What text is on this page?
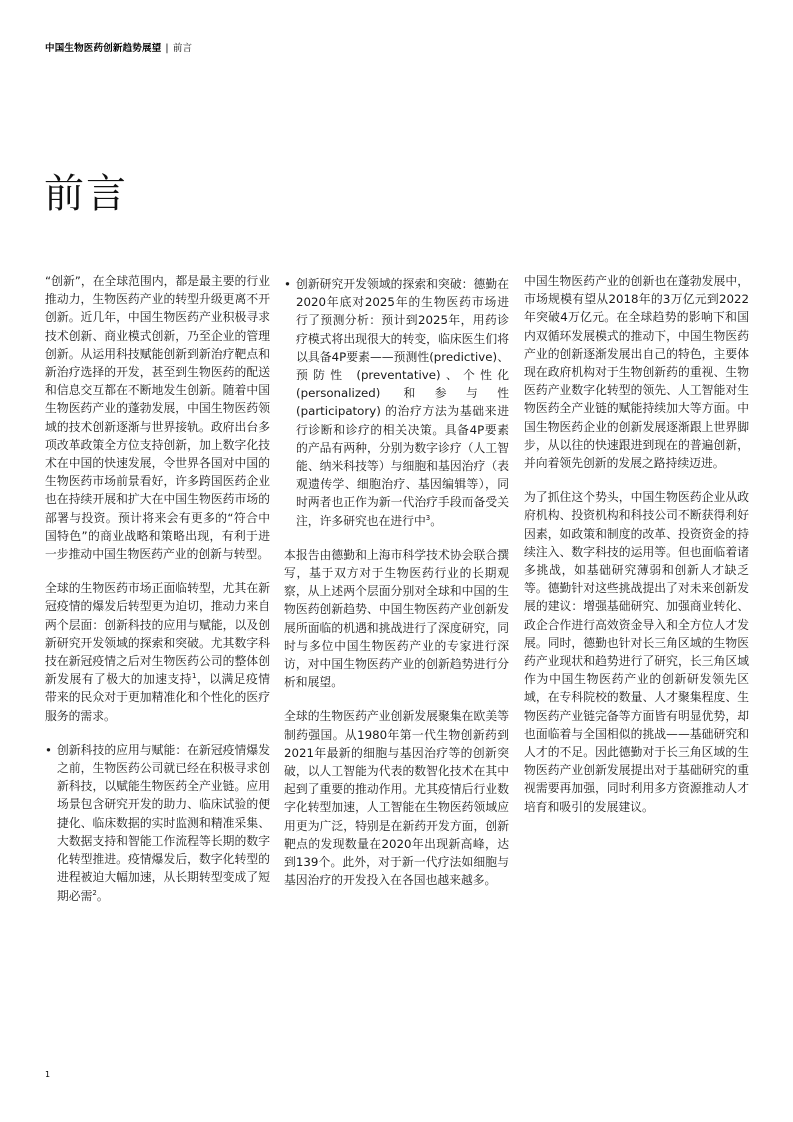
中国生物医药创新趋势展望 | 前言
前言

“创新”，在全球范围内，都是最主要的行业推动力，生物医药产业的转型升级更离不开创新。近几年，中国生物医药产业积极寻求技术创新、商业模式创新，乃至企业的管理创新。从运用科技赋能创新到新治疗靶点和新治疗选择的开发，甚至到生物医药的配送和信息交互都在不断地发生创新。随着中国生物医药产业的蓬勃发展，中国生物医药领域的技术创新逐渐与世界接轨。政府出台多项改革政策全方位支持创新，加上数字化技术在中国的快速发展，令世界各国对中国的生物医药市场前景看好，许多跨国医药企业也在持续开展和扩大在中国生物医药市场的部署与投资。预计将来会有更多的“符合中国特色”的商业战略和策略出现，有利于进一步推动中国生物医药产业的创新与转型。

全球的生物医药市场正面临转型，尤其在新冠疫情的爆发后转型更为迫切，推动力来自两个层面：创新科技的应用与赋能，以及创新研究开发领域的探索和突破。尤其数字科技在新冠疫情之后对生物医药公司的整体创新发展有了极大的加速支持$^1$，以满足疫情带来的民众对于更加精准化和个性化的医疗服务的需求。

• 创新科技的应用与赋能：在新冠疫情爆发之前，生物医药公司就已经在积极寻求创新科技，以赋能生物医药全产业链。应用场景包含研究开发的助力、临床试验的便捷化、临床数据的实时监测和精准采集、大数据支持和智能工作流程等长期的数字化转型推进。疫情爆发后，数字化转型的进程被迫大幅加速，从长期转型变成了短期必需$^2$。
• 创新研究开发领域的探索和突破：德勤在2020年底对2025年的生物医药市场进行了预测分析：预计到2025年，用药诊疗模式将出现很大的转变，临床医生们将以具备4P要素——预测性(predictive)、预防性 (preventative)、个性化 (personalized) 和参与性 (participatory) 的治疗方法为基础来进行诊断和诊疗的相关决策。具备4P要素的产品有两种，分别为数字诊疗（人工智能、纳米科技等）与细胞和基因治疗（表观遗传学、细胞治疗、基因编辑等），同时两者也正作为新一代治疗手段而备受关注，许多研究也在进行中$^3$。

本报告由德勤和上海市科学技术协会联合撰写，基于双方对于生物医药行业的长期观察，从上述两个层面分别对全球和中国的生物医药创新趋势、中国生物医药产业创新发展所面临的机遇和挑战进行了深度研究，同时与多位中国生物医药产业的专家进行深访，对中国生物医药产业的创新趋势进行分析和展望。

全球的生物医药产业创新发展聚集在欧美等制药强国。从1980年第一代生物创新药到2021年最新的细胞与基因治疗等的创新突破，以人工智能为代表的数智化技术在其中起到了重要的推动作用。尤其疫情后行业数字化转型加速，人工智能在生物医药领域应用更为广泛，特别是在新药开发方面，创新靶点的发现数量在2020年出现新高峰，达到139个。此外，对于新一代疗法如细胞与基因治疗的开发投入在各国也越来越多。

中国生物医药产业的创新也在蓬勃发展中，市场规模有望从2018年的3万亿元到2022年突破4万亿元。在全球趋势的影响下和国内双循环发展模式的推动下，中国生物医药产业的创新逐渐发展出自己的特色，主要体现在政府机构对于生物创新药的重视、生物医药产业数字化转型的领先、人工智能对生物医药全产业链的赋能持续加大等方面。中国生物医药企业的创新发展逐渐跟上世界脚步，从以往的快速跟进到现在的普遍创新，并向着领先创新的发展之路持续迈进。

为了抓住这个势头，中国生物医药企业从政府机构、投资机构和科技公司不断获得利好因素，如政策和制度的改革、投资资金的持续注入、数字科技的运用等。但也面临着诸多挑战，如基础研究薄弱和创新人才缺乏等。德勤针对这些挑战提出了对未来创新发展的建议：增强基础研究、加强商业转化、政企合作进行高效资金导入和全方位人才发展。同时，德勤也针对长三角区域的生物医药产业现状和趋势进行了研究，长三角区域作为中国生物医药产业的创新研发领先区域，在专科院校的数量、人才聚集程度、生物医药产业链完备等方面皆有明显优势，却也面临着与全国相似的挑战——基础研究和人才的不足。因此德勤对于长三角区域的生物医药产业创新发展提出对于基础研究的重视需要再加强，同时利用多方资源推动人才培育和吸引的发展建议。

1
